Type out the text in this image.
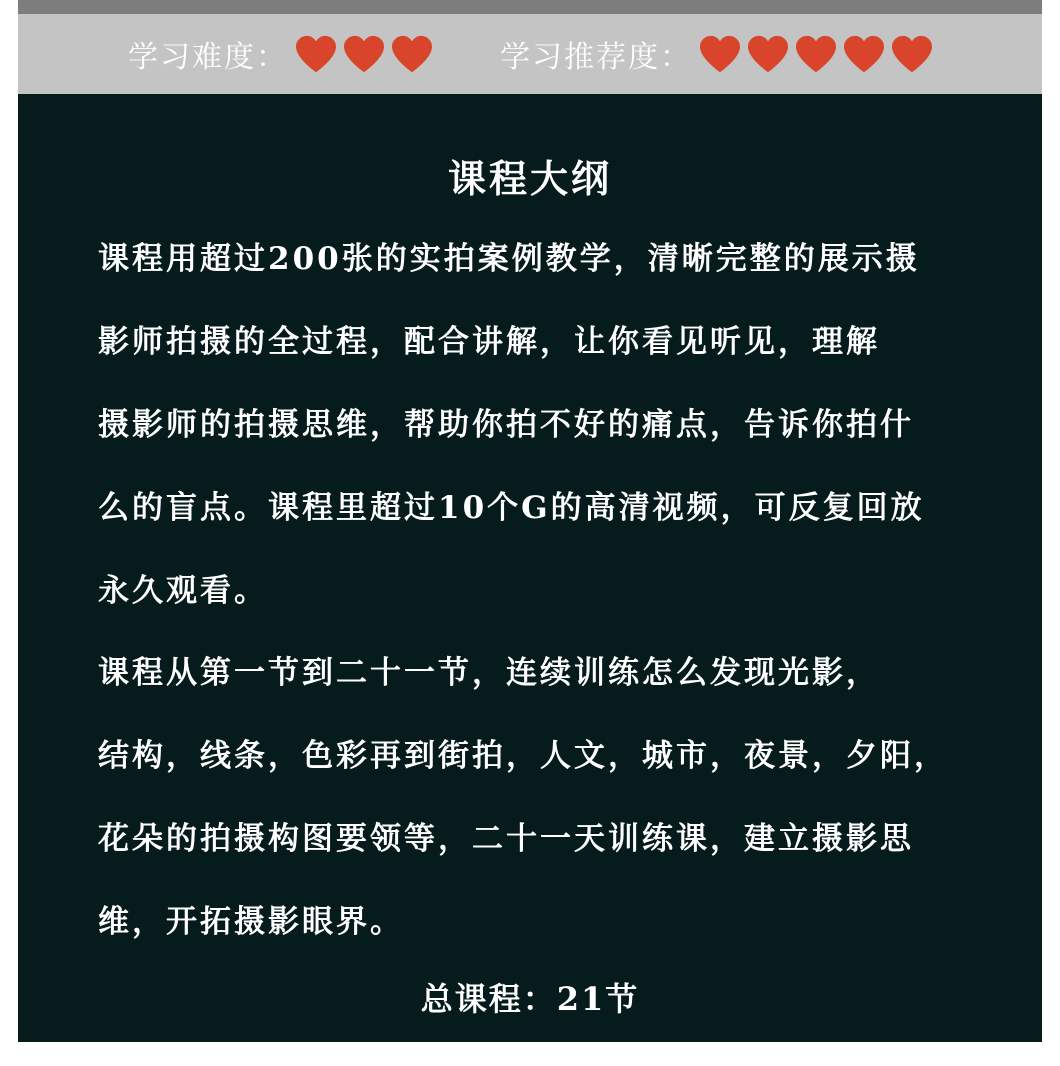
学习难度：	学习推荐度：
课程大纲
课程用超过200张的实拍案例教学，清晰完整的展示摄
影师拍摄的全过程，配合讲解，让你看见听见，理解
摄影师的拍摄思维，帮助你拍不好的痛点，告诉你拍什
么的盲点。课程里超过10个G的高清视频，可反复回放
永久观看。
课程从第一节到二十一节，连续训练怎么发现光影，
结构，线条，色彩再到街拍，人文，城市，夜景，夕阳，
花朵的拍摄构图要领等，二十一天训练课，建立摄影思
维，开拓摄影眼界。
总课程：21节
